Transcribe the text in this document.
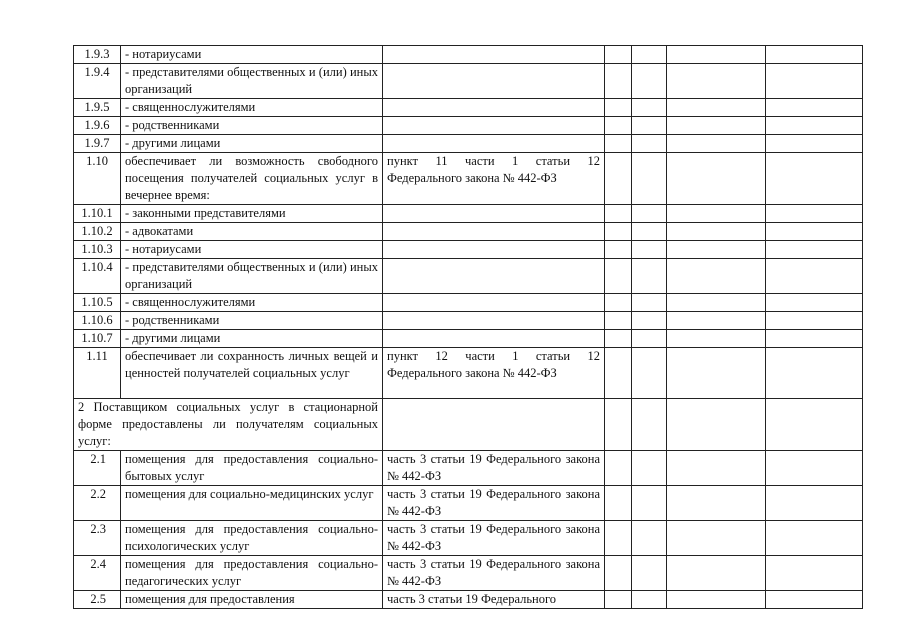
1.9.3	- нотариусами					
1.9.4	- представителями общественных и (или) иных организаций					
1.9.5	- священнослужителями					
1.9.6	- родственниками					
1.9.7	- другими лицами					
1.10	обеспечивает ли возможность свободного посещения получателей социальных услуг в вечернее время:	пункт 11 части 1 статьи 12 Федерального закона № 442-ФЗ				
1.10.1	- законными представителями					
1.10.2	- адвокатами					
1.10.3	- нотариусами					
1.10.4	- представителями общественных и (или) иных организаций					
1.10.5	- священнослужителями					
1.10.6	- родственниками					
1.10.7	- другими лицами					
1.11	обеспечивает ли сохранность личных вещей и ценностей получателей социальных услуг	пункт 12 части 1 статьи 12 Федерального закона № 442-ФЗ				
2 Поставщиком социальных услуг в стационарной форме предоставлены ли получателям социальных услуг:						
2.1	помещения для предоставления социально-бытовых услуг	часть 3 статьи 19 Федерального закона № 442-ФЗ				
2.2	помещения для социально-медицинских услуг	часть 3 статьи 19 Федерального закона № 442-ФЗ				
2.3	помещения для предоставления социально-психологических услуг	часть 3 статьи 19 Федерального закона № 442-ФЗ				
2.4	помещения для предоставления социально-педагогических услуг	часть 3 статьи 19 Федерального закона № 442-ФЗ				
2.5	помещения для предоставления	часть 3 статьи 19 Федерального				
